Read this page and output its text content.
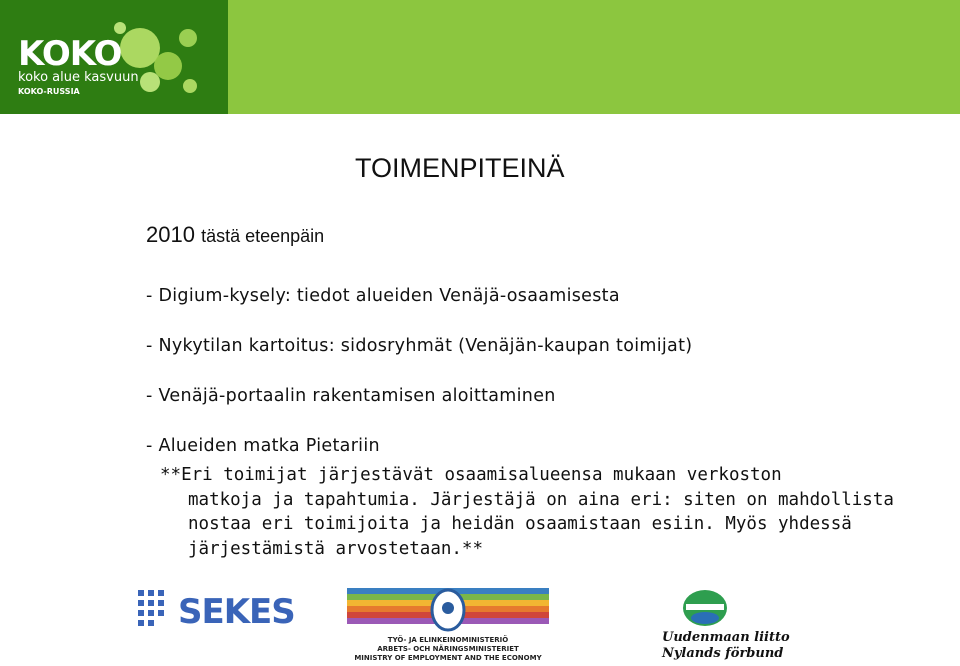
KOKO
koko alue kasvuun
KOKO-RUSSIA
TOIMENPITEINÄ
2010 tästä eteenpäin
- Digium-kysely: tiedot alueiden Venäjä-osaamisesta
- Nykytilan kartoitus: sidosryhmät (Venäjän-kaupan toimijat)
- Venäjä-portaalin rakentamisen aloittaminen
- Alueiden matka Pietariin
**Eri toimijat järjestävät osaamisalueensa mukaan verkoston
matkoja ja tapahtumia. Järjestäjä on aina eri: siten on mahdollista
nostaa eri toimijoita ja heidän osaamistaan esiin. Myös yhdessä
järjestämistä arvostetaan.**
SEKES
TYÖ- JA ELINKEINOMINISTERIÖ
ARBETS- OCH NÄRINGSMINISTERIET
MINISTRY OF EMPLOYMENT AND THE ECONOMY
Uudenmaan liitto
Nylands förbund
